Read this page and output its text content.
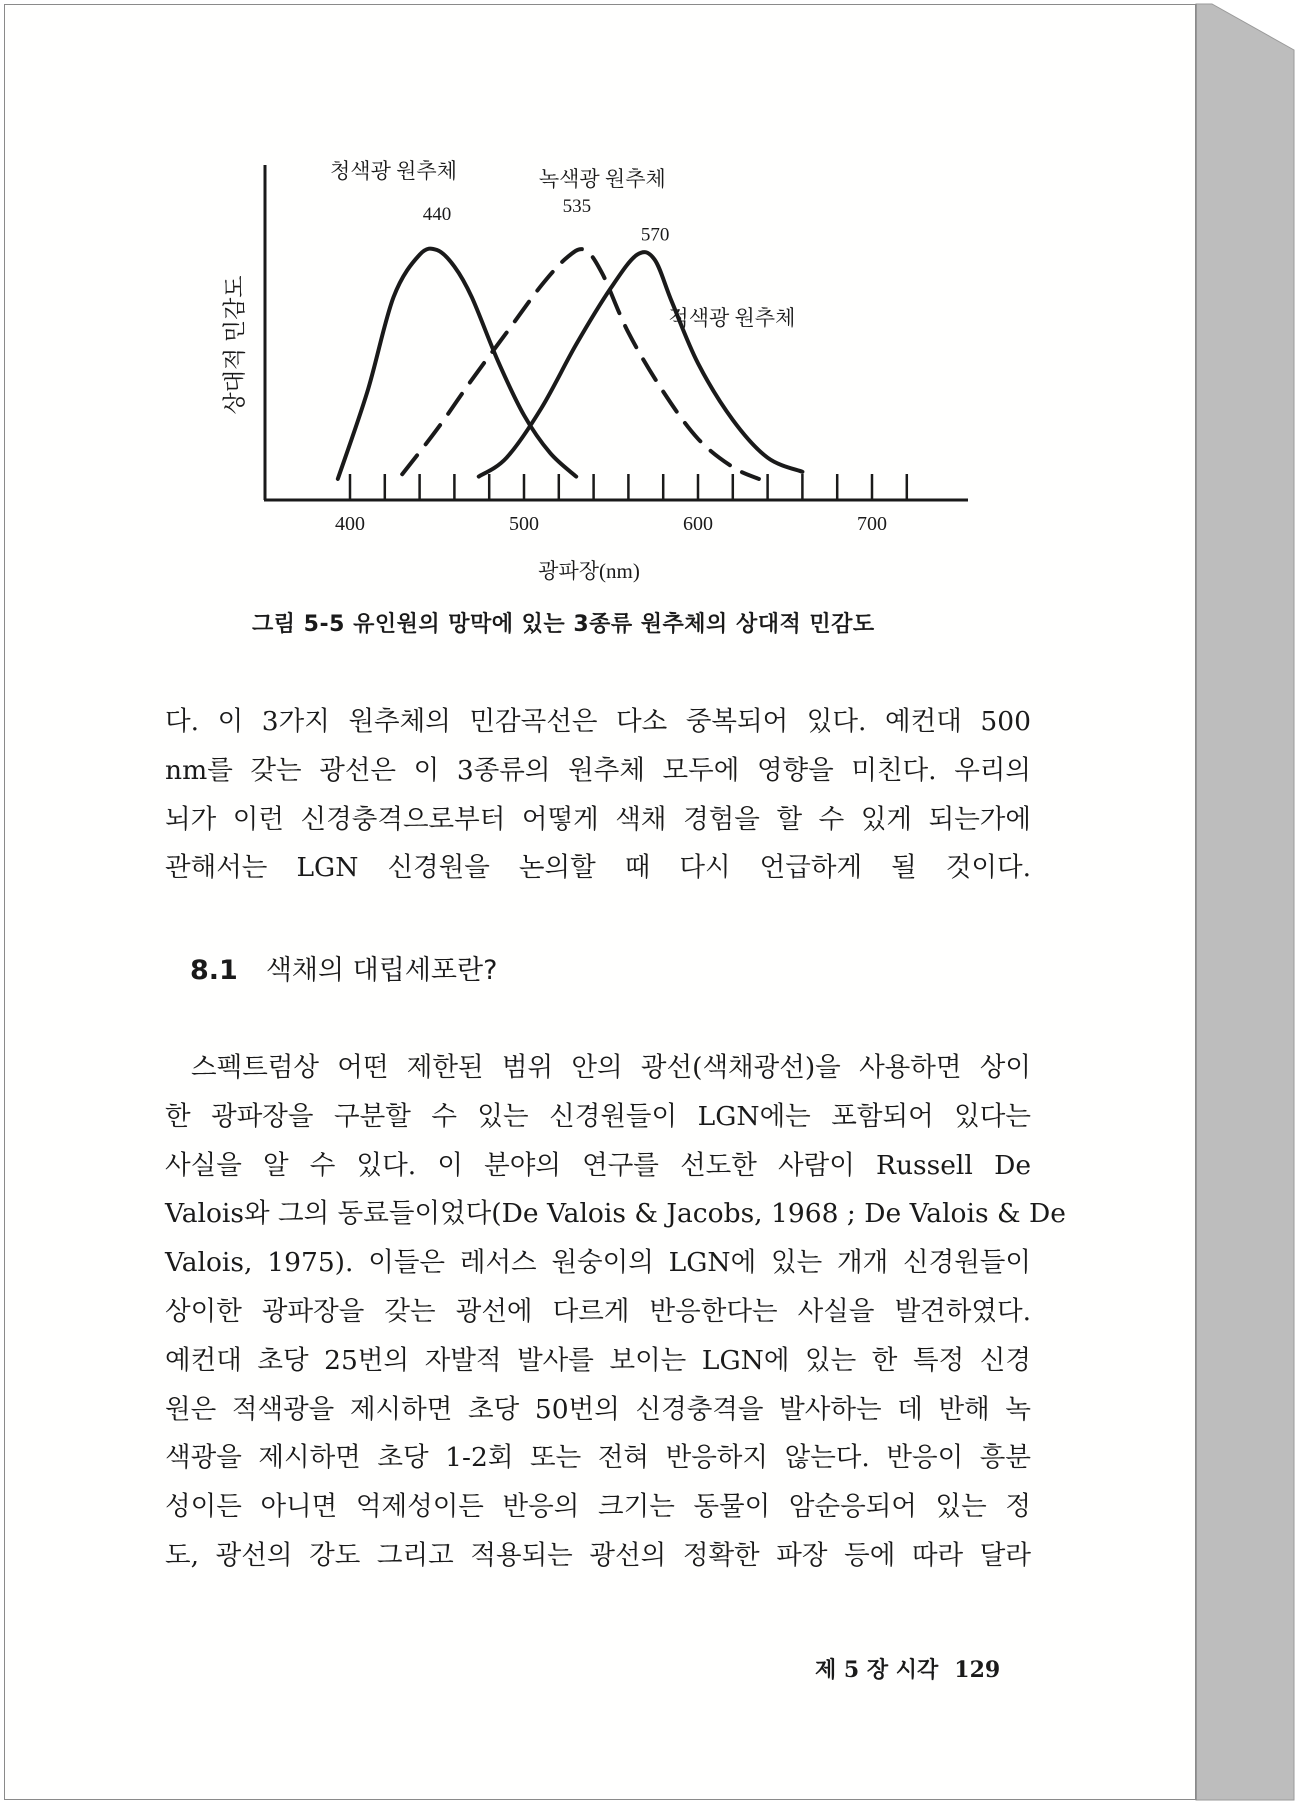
400	500	600	700
440	535
570
청색광 원추체	녹색광 원추체
적색광 원추체
광파장(nm)
상대적 민감도
그림 5-5 유인원의 망막에 있는 3종류 원추체의 상대적 민감도
다. 이 3가지 원추체의 민감곡선은 다소 중복되어 있다. 예컨대 500
nm를 갖는 광선은 이 3종류의 원추체 모두에 영향을 미친다. 우리의
뇌가 이런 신경충격으로부터 어떻게 색채 경험을 할 수 있게 되는가에
관해서는 LGN 신경원을 논의할 때 다시 언급하게 될 것이다.
8.1 색채의 대립세포란?
스펙트럼상 어떤 제한된 범위 안의 광선(색채광선)을 사용하면 상이
한 광파장을 구분할 수 있는 신경원들이 LGN에는 포함되어 있다는
사실을 알 수 있다. 이 분야의 연구를 선도한 사람이 Russell De
Valois와 그의 동료들이었다(De Valois & Jacobs, 1968 ; De Valois & De
Valois, 1975). 이들은 레서스 원숭이의 LGN에 있는 개개 신경원들이
상이한 광파장을 갖는 광선에 다르게 반응한다는 사실을 발견하였다.
예컨대 초당 25번의 자발적 발사를 보이는 LGN에 있는 한 특정 신경
원은 적색광을 제시하면 초당 50번의 신경충격을 발사하는 데 반해 녹
색광을 제시하면 초당 1-2회 또는 전혀 반응하지 않는다. 반응이 흥분
성이든 아니면 억제성이든 반응의 크기는 동물이 암순응되어 있는 정
도, 광선의 강도 그리고 적용되는 광선의 정확한 파장 등에 따라 달라
제 5 장 시각 129
